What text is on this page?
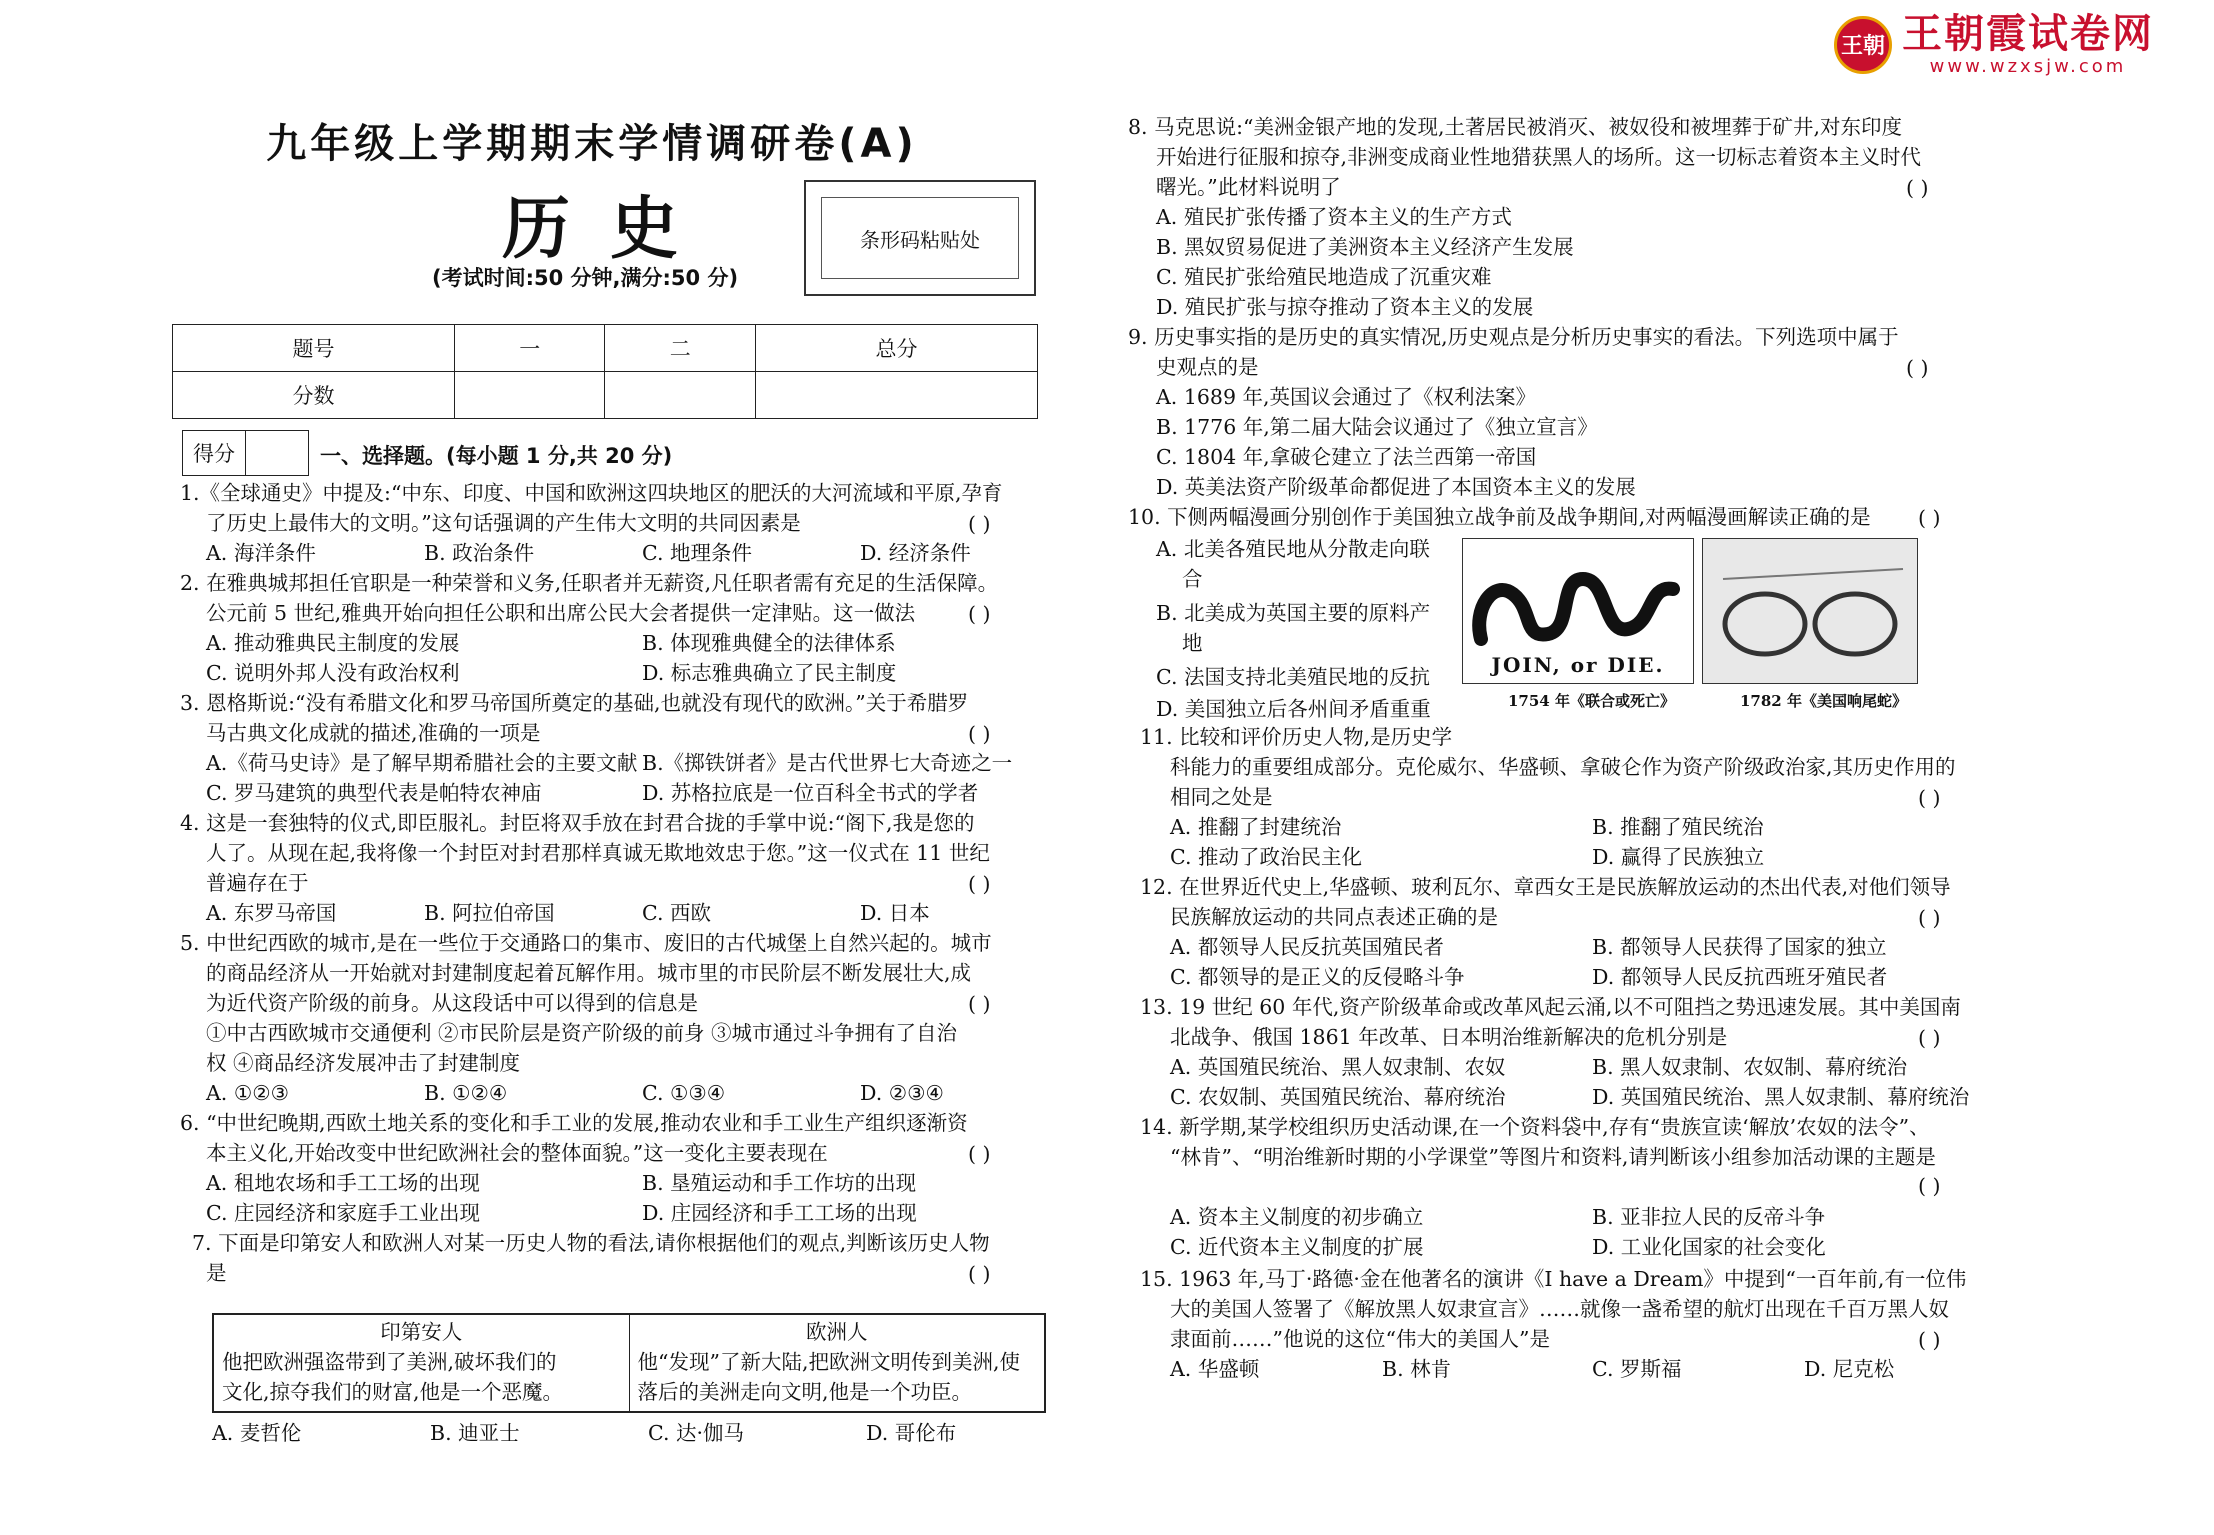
王朝 王朝霞试卷网
www.wzxsjw.com
九年级上学期期末学情调研卷(A)
历史
(考试时间:50 分钟,满分:50 分)
条形码粘贴处
题号	一	二	总分
分数			
得分	一、选择题。(每小题 1 分,共 20 分)
1.《全球通史》中提及:“中东、印度、中国和欧洲这四块地区的肥沃的大河流域和平原,孕育
了历史上最伟大的文明。”这句话强调的产生伟大文明的共同因素是	( )
A. 海洋条件	B. 政治条件	C. 地理条件	D. 经济条件
2. 在雅典城邦担任官职是一种荣誉和义务,任职者并无薪资,凡任职者需有充足的生活保障。
公元前 5 世纪,雅典开始向担任公职和出席公民大会者提供一定津贴。这一做法	( )
A. 推动雅典民主制度的发展	B. 体现雅典健全的法律体系
C. 说明外邦人没有政治权利	D. 标志雅典确立了民主制度
3. 恩格斯说:“没有希腊文化和罗马帝国所奠定的基础,也就没有现代的欧洲。”关于希腊罗
马古典文化成就的描述,准确的一项是	( )
A.《荷马史诗》是了解早期希腊社会的主要文献 B.《掷铁饼者》是古代世界七大奇迹之一
C. 罗马建筑的典型代表是帕特农神庙	D. 苏格拉底是一位百科全书式的学者
4. 这是一套独特的仪式,即臣服礼。封臣将双手放在封君合拢的手掌中说:“阁下,我是您的
人了。从现在起,我将像一个封臣对封君那样真诚无欺地效忠于您。”这一仪式在 11 世纪
普遍存在于	( )
A. 东罗马帝国	B. 阿拉伯帝国	C. 西欧	D. 日本
5. 中世纪西欧的城市,是在一些位于交通路口的集市、废旧的古代城堡上自然兴起的。城市
的商品经济从一开始就对封建制度起着瓦解作用。城市里的市民阶层不断发展壮大,成
为近代资产阶级的前身。从这段话中可以得到的信息是	( )
①中古西欧城市交通便利 ②市民阶层是资产阶级的前身 ③城市通过斗争拥有了自治
权 ④商品经济发展冲击了封建制度
A. ①②③	B. ①②④	C. ①③④	D. ②③④
6. “中世纪晚期,西欧土地关系的变化和手工业的发展,推动农业和手工业生产组织逐渐资
本主义化,开始改变中世纪欧洲社会的整体面貌。”这一变化主要表现在	( )
A. 租地农场和手工工场的出现	B. 垦殖运动和手工作坊的出现
C. 庄园经济和家庭手工业出现	D. 庄园经济和手工工场的出现
7. 下面是印第安人和欧洲人对某一历史人物的看法,请你根据他们的观点,判断该历史人物
是	( )
印第安人
他把欧洲强盗带到了美洲,破坏我们的
文化,掠夺我们的财富,他是一个恶魔。
欧洲人
他“发现”了新大陆,把欧洲文明传到美洲,使
落后的美洲走向文明,他是一个功臣。
A. 麦哲伦	B. 迪亚士	C. 达·伽马	D. 哥伦布
8. 马克思说:“美洲金银产地的发现,土著居民被消灭、被奴役和被埋葬于矿井,对东印度
开始进行征服和掠夺,非洲变成商业性地猎获黑人的场所。这一切标志着资本主义时代
曙光。”此材料说明了	( )
A. 殖民扩张传播了资本主义的生产方式
B. 黑奴贸易促进了美洲资本主义经济产生发展
C. 殖民扩张给殖民地造成了沉重灾难
D. 殖民扩张与掠夺推动了资本主义的发展
9. 历史事实指的是历史的真实情况,历史观点是分析历史事实的看法。下列选项中属于
史观点的是	( )
A. 1689 年,英国议会通过了《权利法案》
B. 1776 年,第二届大陆会议通过了《独立宣言》
C. 1804 年,拿破仑建立了法兰西第一帝国
D. 英美法资产阶级革命都促进了本国资本主义的发展
10. 下侧两幅漫画分别创作于美国独立战争前及战争期间,对两幅漫画解读正确的是 ( )
A. 北美各殖民地从分散走向联
合
B. 北美成为英国主要的原料产
地
C. 法国支持北美殖民地的反抗
D. 美国独立后各州间矛盾重重
JOIN, or DIE.
1754 年《联合或死亡》	1782 年《美国响尾蛇》
11. 比较和评价历史人物,是历史学
科能力的重要组成部分。克伦威尔、华盛顿、拿破仑作为资产阶级政治家,其历史作用的
相同之处是	( )
A. 推翻了封建统治	B. 推翻了殖民统治
C. 推动了政治民主化	D. 赢得了民族独立
12. 在世界近代史上,华盛顿、玻利瓦尔、章西女王是民族解放运动的杰出代表,对他们领导
民族解放运动的共同点表述正确的是	( )
A. 都领导人民反抗英国殖民者	B. 都领导人民获得了国家的独立
C. 都领导的是正义的反侵略斗争	D. 都领导人民反抗西班牙殖民者
13. 19 世纪 60 年代,资产阶级革命或改革风起云涌,以不可阻挡之势迅速发展。其中美国南
北战争、俄国 1861 年改革、日本明治维新解决的危机分别是	( )
A. 英国殖民统治、黑人奴隶制、农奴	B. 黑人奴隶制、农奴制、幕府统治
C. 农奴制、英国殖民统治、幕府统治	D. 英国殖民统治、黑人奴隶制、幕府统治
14. 新学期,某学校组织历史活动课,在一个资料袋中,存有“贵族宣读‘解放’农奴的法令”、
“林肯”、“明治维新时期的小学课堂”等图片和资料,请判断该小组参加活动课的主题是
( )
A. 资本主义制度的初步确立	B. 亚非拉人民的反帝斗争
C. 近代资本主义制度的扩展	D. 工业化国家的社会变化
15. 1963 年,马丁·路德·金在他著名的演讲《I have a Dream》中提到“一百年前,有一位伟
大的美国人签署了《解放黑人奴隶宣言》……就像一盏希望的航灯出现在千百万黑人奴
隶面前……”他说的这位“伟大的美国人”是	( )
A. 华盛顿	B. 林肯	C. 罗斯福	D. 尼克松
